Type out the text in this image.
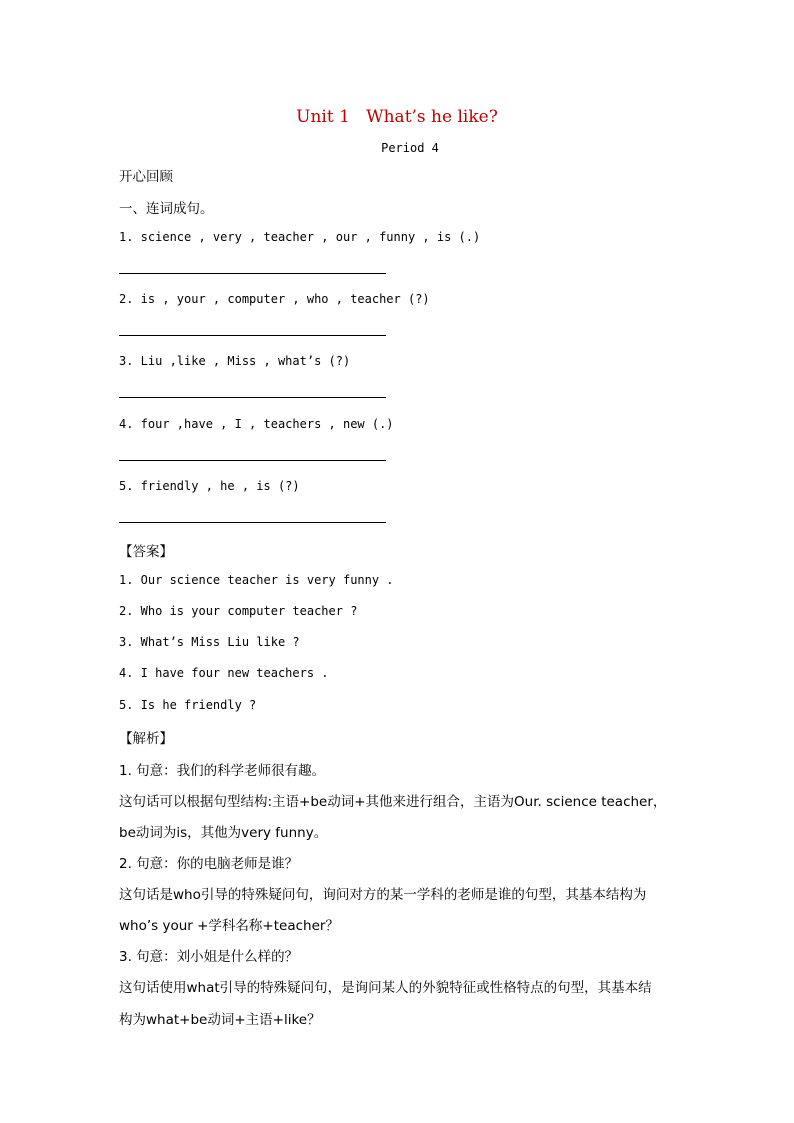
Unit 1   What’s he like?
Period 4
开心回顾
一、连词成句。
1. science , very , teacher , our , funny , is (.)
2. is , your , computer , who , teacher (?)
3. Liu ,like , Miss , what’s (?)
4. four ,have , I , teachers , new (.)
5. friendly , he , is (?)
【答案】
1. Our science teacher is very funny .
2. Who is your computer teacher ?
3. What’s Miss Liu like ?
4. I have four new teachers .
5. Is he friendly ?
【解析】
1. 句意：我们的科学老师很有趣。
这句话可以根据句型结构:主语+be动词+其他来进行组合，主语为Our. science teacher，
be动词为is，其他为very funny。
2. 句意：你的电脑老师是谁？
这句话是who引导的特殊疑问句，询问对方的某一学科的老师是谁的句型，其基本结构为
who’s your +学科名称+teacher？
3. 句意：刘小姐是什么样的？
这句话使用what引导的特殊疑问句，是询问某人的外貌特征或性格特点的句型，其基本结
构为what+be动词+主语+like？
